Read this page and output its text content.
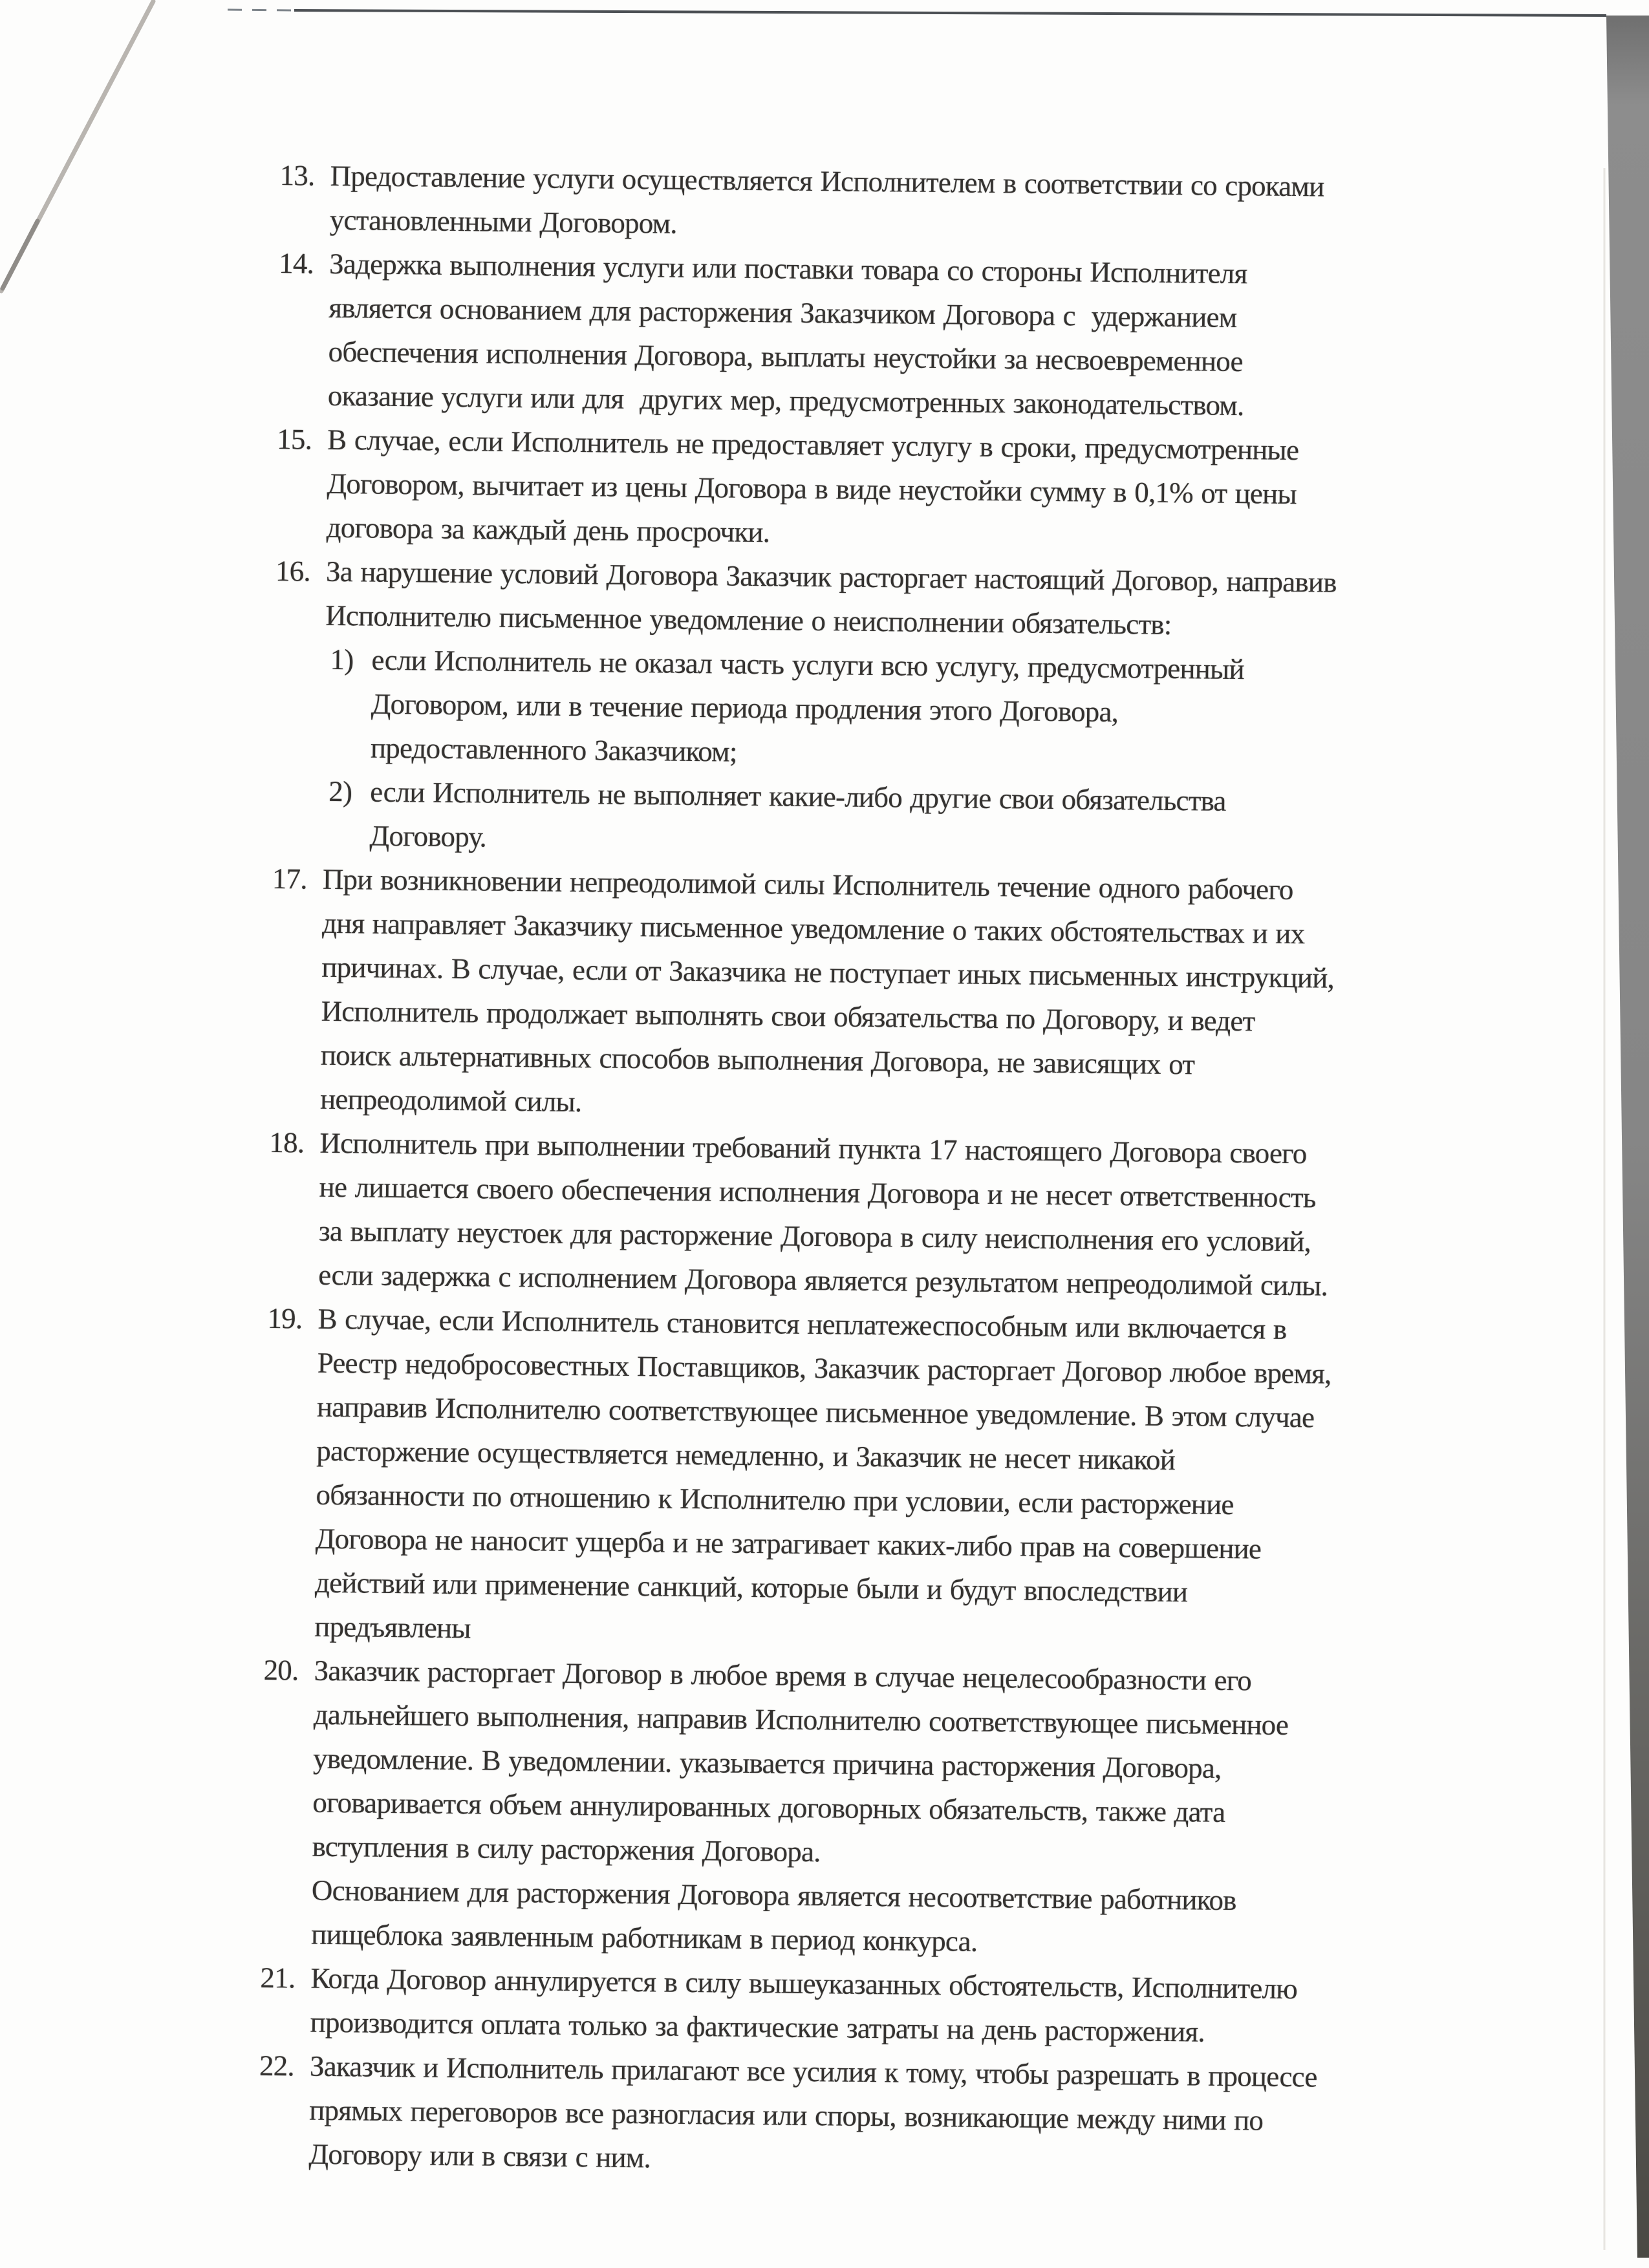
13. Предоставление услуги осуществляется Исполнителем в соответствии со сроками
установленными Договором.

14. Задержка выполнения услуги или поставки товара со стороны Исполнителя
является основанием для расторжения Заказчиком Договора с  удержанием
обеспечения исполнения Договора, выплаты неустойки за несвоевременное
оказание услуги или для  других мер, предусмотренных законодательством.

15. В случае, если Исполнитель не предоставляет услугу в сроки, предусмотренные
Договором, вычитает из цены Договора в виде неустойки сумму в 0,1% от цены
договора за каждый день просрочки.

16. За нарушение условий Договора Заказчик расторгает настоящий Договор, направив
Исполнителю письменное уведомление о неисполнении обязательств:

1) если Исполнитель не оказал часть услуги всю услугу, предусмотренный
Договором, или в течение периода продления этого Договора,
предоставленного Заказчиком;

2) если Исполнитель не выполняет какие-либо другие свои обязательства
Договору.

17. При возникновении непреодолимой силы Исполнитель течение одного рабочего
дня направляет Заказчику письменное уведомление о таких обстоятельствах и их
причинах. В случае, если от Заказчика не поступает иных письменных инструкций,
Исполнитель продолжает выполнять свои обязательства по Договору, и ведет
поиск альтернативных способов выполнения Договора, не зависящих от
непреодолимой силы.

18. Исполнитель при выполнении требований пункта 17 настоящего Договора своего
не лишается своего обеспечения исполнения Договора и не несет ответственность
за выплату неустоек для расторжение Договора в силу неисполнения его условий,
если задержка с исполнением Договора является результатом непреодолимой силы.

19. В случае, если Исполнитель становится неплатежеспособным или включается в
Реестр недобросовестных Поставщиков, Заказчик расторгает Договор любое время,
направив Исполнителю соответствующее письменное уведомление. В этом случае
расторжение осуществляется немедленно, и Заказчик не несет никакой
обязанности по отношению к Исполнителю при условии, если расторжение
Договора не наносит ущерба и не затрагивает каких-либо прав на совершение
действий или применение санкций, которые были и будут впоследствии
предъявлены

20. Заказчик расторгает Договор в любое время в случае нецелесообразности его
дальнейшего выполнения, направив Исполнителю соответствующее письменное
уведомление. В уведомлении. указывается причина расторжения Договора,
оговаривается объем аннулированных договорных обязательств, также дата
вступления в силу расторжения Договора.

Основанием для расторжения Договора является несоответствие работников
пищеблока заявленным работникам в период конкурса.

21. Когда Договор аннулируется в силу вышеуказанных обстоятельств, Исполнителю
производится оплата только за фактические затраты на день расторжения.

22. Заказчик и Исполнитель прилагают все усилия к тому, чтобы разрешать в процессе
прямых переговоров все разногласия или споры, возникающие между ними по
Договору или в связи с ним.
